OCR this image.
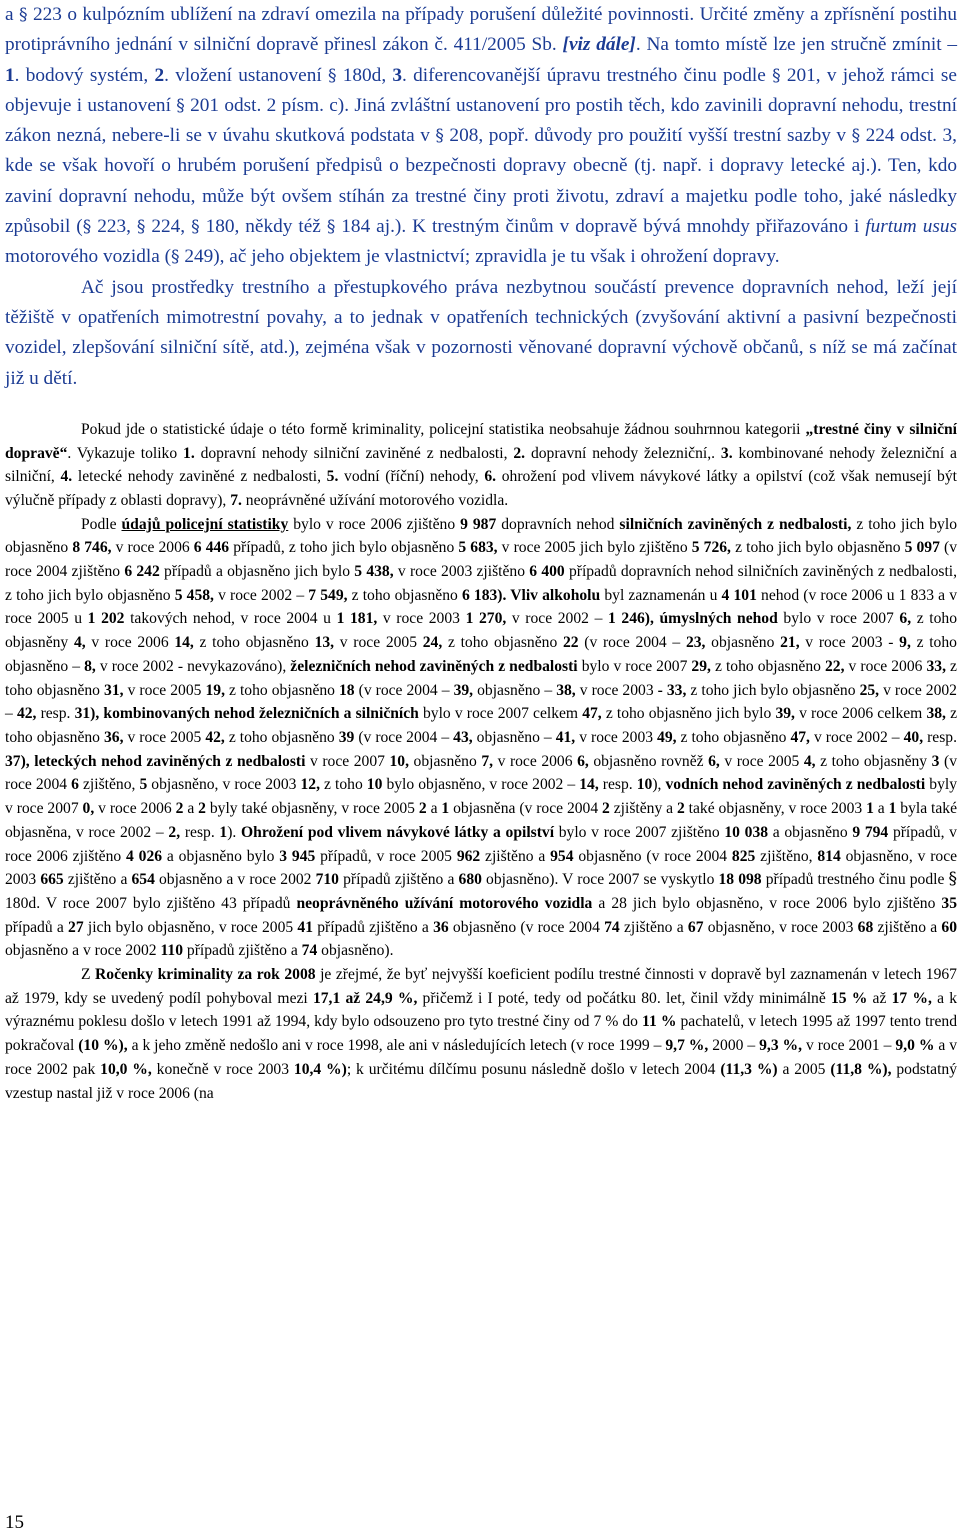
a § 223 o kulpózním ublížení na zdraví omezila na případy porušení důležité povinnosti. Určité změny a zpřísnění postihu protiprávního jednání v silniční dopravě přinesl zákon č. 411/2005 Sb. [viz dále]. Na tomto místě lze jen stručně zmínit – 1. bodový systém, 2. vložení ustanovení § 180d, 3. diferencovanější úpravu trestného činu podle § 201, v jehož rámci se objevuje i ustanovení § 201 odst. 2 písm. c). Jiná zvláštní ustanovení pro postih těch, kdo zavinili dopravní nehodu, trestní zákon nezná, nebere-li se v úvahu skutková podstata v § 208, popř. důvody pro použití vyšší trestní sazby v § 224 odst. 3, kde se však hovoří o hrubém porušení předpisů o bezpečnosti dopravy obecně (tj. např. i dopravy letecké aj.). Ten, kdo zaviní dopravní nehodu, může být ovšem stíhán za trestné činy proti životu, zdraví a majetku podle toho, jaké následky způsobil (§ 223, § 224, § 180, někdy též § 184 aj.). K trestným činům v dopravě bývá mnohdy přiřazováno i furtum usus motorového vozidla (§ 249), ač jeho objektem je vlastnictví; zpravidla je tu však i ohrožení dopravy.

Ač jsou prostředky trestního a přestupkového práva nezbytnou součástí prevence dopravních nehod, leží její těžiště v opatřeních mimotrestní povahy, a to jednak v opatřeních technických (zvyšování aktivní a pasivní bezpečnosti vozidel, zlepšování silniční sítě, atd.), zejména však v pozornosti věnované dopravní výchově občanů, s níž se má začínat již u dětí.

Pokud jde o statistické údaje o této formě kriminality, policejní statistika neobsahuje žádnou souhrnnou kategorii „trestné činy v silniční dopravě“. Vykazuje toliko 1. dopravní nehody silniční zaviněné z nedbalosti, 2. dopravní nehody železniční,. 3. kombinované nehody železniční a silniční, 4. letecké nehody zaviněné z nedbalosti, 5. vodní (říční) nehody, 6. ohrožení pod vlivem návykové látky a opilství (což však nemusejí být výlučně případy z oblasti dopravy), 7. neoprávněné užívání motorového vozidla.

Podle údajů policejní statistiky bylo v roce 2006 zjištěno 9 987 dopravních nehod silničních zaviněných z nedbalosti, z toho jich bylo objasněno 8 746, v roce 2006 6 446 případů, z toho jich bylo objasněno 5 683, v roce 2005 jich bylo zjištěno 5 726, z toho jich bylo objasněno 5 097 (v roce 2004 zjištěno 6 242 případů a objasněno jich bylo 5 438, v roce 2003 zjištěno 6 400 případů dopravních nehod silničních zaviněných z nedbalosti, z toho jich bylo objasněno 5 458, v roce 2002 – 7 549, z toho objasněno 6 183). Vliv alkoholu byl zaznamenán u 4 101 nehod (v roce 2006 u 1 833 a v roce 2005 u 1 202 takových nehod, v roce 2004 u 1 181, v roce 2003 1 270, v roce 2002 – 1 246), úmyslných nehod bylo v roce 2007 6, z toho objasněny 4, v roce 2006 14, z toho objasněno 13, v roce 2005 24, z toho objasněno 22 (v roce 2004 – 23, objasněno 21, v roce 2003 - 9, z toho objasněno – 8, v roce 2002 - nevykazováno), železničních nehod zaviněných z nedbalosti bylo v roce 2007 29, z toho objasněno 22, v roce 2006 33, z toho objasněno 31, v roce 2005 19, z toho objasněno 18 (v roce 2004 – 39, objasněno – 38, v roce 2003 - 33, z toho jich bylo objasněno 25, v roce 2002 – 42, resp. 31), kombinovaných nehod železničních a silničních bylo v roce 2007 celkem 47, z toho objasněno jich bylo 39, v roce 2006 celkem 38, z toho objasněno 36, v roce 2005 42, z toho objasněno 39 (v roce 2004 – 43, objasněno – 41, v roce 2003 49, z toho objasněno 47, v roce 2002 – 40, resp. 37), leteckých nehod zaviněných z nedbalosti v roce 2007 10, objasněno 7, v roce 2006 6, objasněno rovněž 6, v roce 2005 4, z toho objasněny 3 (v roce 2004 6 zjištěno, 5 objasněno, v roce 2003 12, z toho 10 bylo objasněno, v roce 2002 – 14, resp. 10), vodních nehod zaviněných z nedbalosti byly v roce 2007 0, v roce 2006 2 a 2 byly také objasněny, v roce 2005 2 a 1 objasněna (v roce 2004 2 zjištěny a 2 také objasněny, v roce 2003 1 a 1 byla také objasněna, v roce 2002 – 2, resp. 1). Ohrožení pod vlivem návykové látky a opilství bylo v roce 2007 zjištěno 10 038 a objasněno 9 794 případů, v roce 2006 zjištěno 4 026 a objasněno bylo 3 945 případů, v roce 2005 962 zjištěno a 954 objasněno (v roce 2004 825 zjištěno, 814 objasněno, v roce 2003 665 zjištěno a 654 objasněno a v roce 2002 710 případů zjištěno a 680 objasněno). V roce 2007 se vyskytlo 18 098 případů trestného činu podle § 180d. V roce 2007 bylo zjištěno 43 případů neoprávněného užívání motorového vozidla a 28 jich bylo objasněno, v roce 2006 bylo zjištěno 35 případů a 27 jich bylo objasněno, v roce 2005 41 případů zjištěno a 36 objasněno (v roce 2004 74 zjištěno a 67 objasněno, v roce 2003 68 zjištěno a 60 objasněno a v roce 2002 110 případů zjištěno a 74 objasněno).

Z Ročenky kriminality za rok 2008 je zřejmé, že byť nejvyšší koeficient podílu trestné činnosti v dopravě byl zaznamenán v letech 1967 až 1979, kdy se uvedený podíl pohyboval mezi 17,1 až 24,9 %, přičemž i I poté, tedy od počátku 80. let, činil vždy minimálně 15 % až 17 %, a k výraznému poklesu došlo v letech 1991 až 1994, kdy bylo odsouzeno pro tyto trestné činy od 7 % do 11 % pachatelů, v letech 1995 až 1997 tento trend pokračoval (10 %), a k jeho změně nedošlo ani v roce 1998, ale ani v následujících letech (v roce 1999 – 9,7 %, 2000 – 9,3 %, v roce 2001 – 9,0 % a v roce 2002 pak 10,0 %, konečně v roce 2003 10,4 %); k určitému dílčímu posunu následně došlo v letech 2004 (11,3 %) a 2005 (11,8 %), podstatný vzestup nastal již v roce 2006 (na

15
